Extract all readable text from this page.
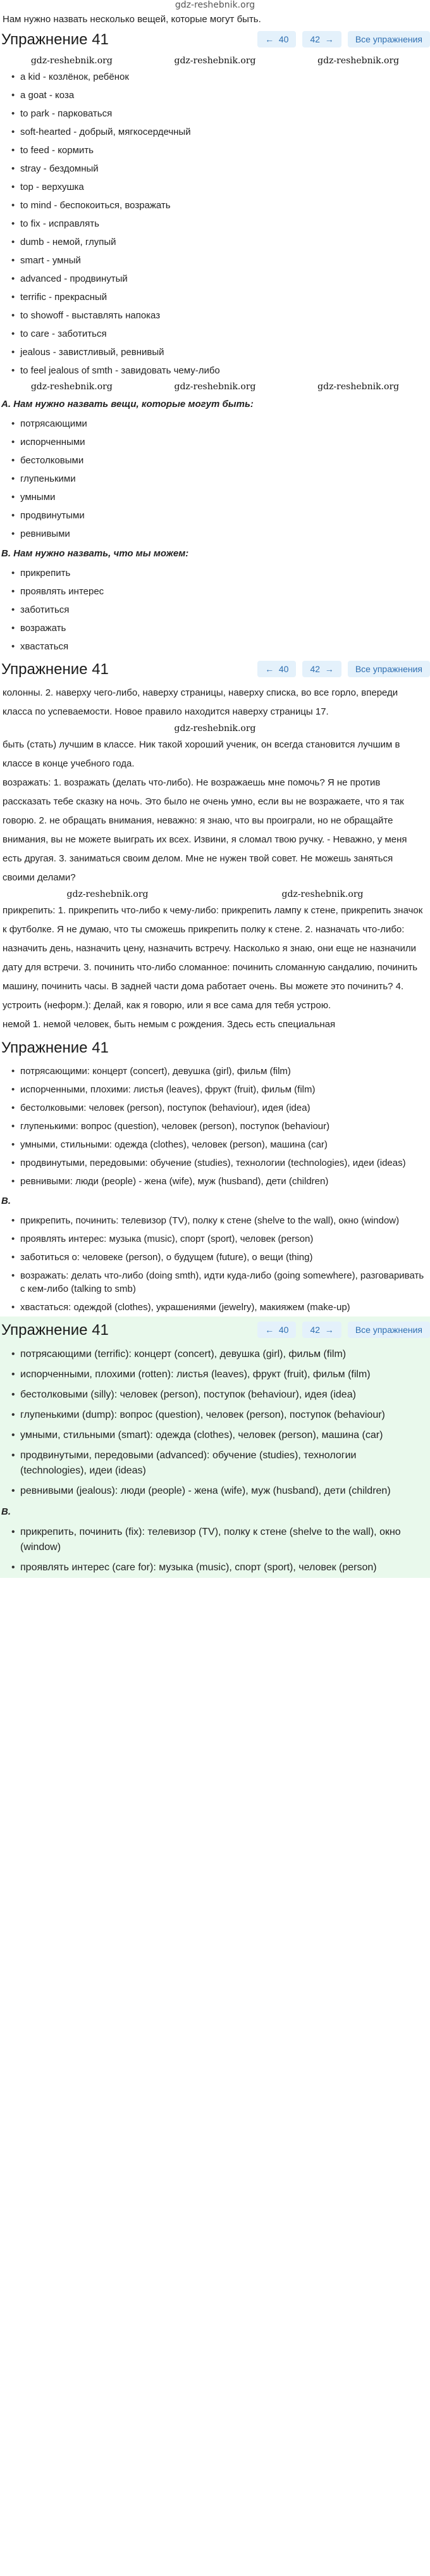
gdz-reshebnik.org
Нам нужно назвать несколько вещей, которые могут быть.
Упражнение 41	←  40	42  →	Все упражнения
gdz-reshebnik.org	gdz-reshebnik.org	gdz-reshebnik.org
• a kid - козлёнок, ребёнок
• a goat - коза
• to park - парковаться
• soft-hearted - добрый, мягкосердечный
• to feed - кормить
• stray - бездомный
• top - верхушка
• to mind - беспокоиться, возражать
• to fix - исправлять
• dumb - немой, глупый
• smart - умный
• advanced - продвинутый
• terrific - прекрасный
• to showoff - выставлять напоказ
• to care - заботиться
• jealous - завистливый, ревнивый
• to feel jealous of smth - завидовать чему-либо
gdz-reshebnik.org	gdz-reshebnik.org	gdz-reshebnik.org
A. Нам нужно назвать вещи, которые могут быть:
• потрясающими
• испорченными
• бестолковыми
• глупенькими
• умными
• продвинутыми
• ревнивыми
B. Нам нужно назвать, что мы можем:
• прикрепить
• проявлять интерес
• заботиться
• возражать
• хвастаться
Упражнение 41	←  40	42  →	Все упражнения
колонны. 2. наверху чего-либо, наверху страницы, наверху списка, во все горло, впереди класса по успеваемости. Новое правило находится наверху страницы 17.
gdz-reshebnik.org
быть (стать) лучшим в классе. Ник такой хороший ученик, он всегда становится лучшим в классе в конце учебного года.
возражать: 1. возражать (делать что-либо). Не возражаешь мне помочь? Я не против рассказать тебе сказку на ночь. Это было не очень умно, если вы не возражаете, что я так говорю. 2. не обращать внимания, неважно: я знаю, что вы проиграли, но не обращайте внимания, вы не можете выиграть их всех. Извини, я сломал твою ручку. - Неважно, у меня есть другая. 3. заниматься своим делом. Мне не нужен твой совет. Не можешь заняться своими делами?
gdz-reshebnik.org	gdz-reshebnik.org
прикрепить: 1. прикрепить что-либо к чему-либо: прикрепить лампу к стене, прикрепить значок к футболке. Я не думаю, что ты сможешь прикрепить полку к стене. 2. назначать что-либо: назначить день, назначить цену, назначить встречу. Насколько я знаю, они еще не назначили дату для встречи. 3. починить что-либо сломанное: починить сломанную сандалию, починить машину, починить часы. В задней части дома работает очень. Вы можете это починить? 4. устроить (неформ.): Делай, как я говорю, или я все сама для тебя устрою.
немой 1. немой человек, быть немым с рождения. Здесь есть специальная
Упражнение 41
• потрясающими: концерт (concert), девушка (girl), фильм (film)
• испорченными, плохими: листья (leaves), фрукт (fruit), фильм (film)
• бестолковыми: человек (person), поступок (behaviour), идея (idea)
• глупенькими: вопрос (question), человек (person), поступок (behaviour)
• умными, стильными: одежда (clothes), человек (person), машина (car)
• продвинутыми, передовыми: обучение (studies), технологии (technologies), идеи (ideas)
• ревнивыми: люди (people) - жена (wife), муж (husband), дети (children)
B.
• прикрепить, починить: телевизор (TV), полку к стене (shelve to the wall), окно (window)
• проявлять интерес: музыка (music), спорт (sport), человек (person)
• заботиться о: человеке (person), о будущем (future), о вещи (thing)
• возражать: делать что-либо (doing smth), идти куда-либо (going somewhere), разговаривать с кем-либо (talking to smb)
• хвастаться: одеждой (clothes), украшениями (jewelry), макияжем (make-up)
Упражнение 41	←  40	42  →	Все упражнения
• потрясающими (terrific): концерт (concert), девушка (girl), фильм (film)
• испорченными, плохими (rotten): листья (leaves), фрукт (fruit), фильм (film)
• бестолковыми (silly): человек (person), поступок (behaviour), идея (idea)
• глупенькими (dump): вопрос (question), человек (person), поступок (behaviour)
• умными, стильными (smart): одежда (clothes), человек (person), машина (car)
• продвинутыми, передовыми (advanced): обучение (studies), технологии (technologies), идеи (ideas)
• ревнивыми (jealous): люди (people) - жена (wife), муж (husband), дети (children)
B.
• прикрепить, починить (fix): телевизор (TV), полку к стене (shelve to the wall), окно (window)
• проявлять интерес (care for): музыка (music), спорт (sport), человек (person)
